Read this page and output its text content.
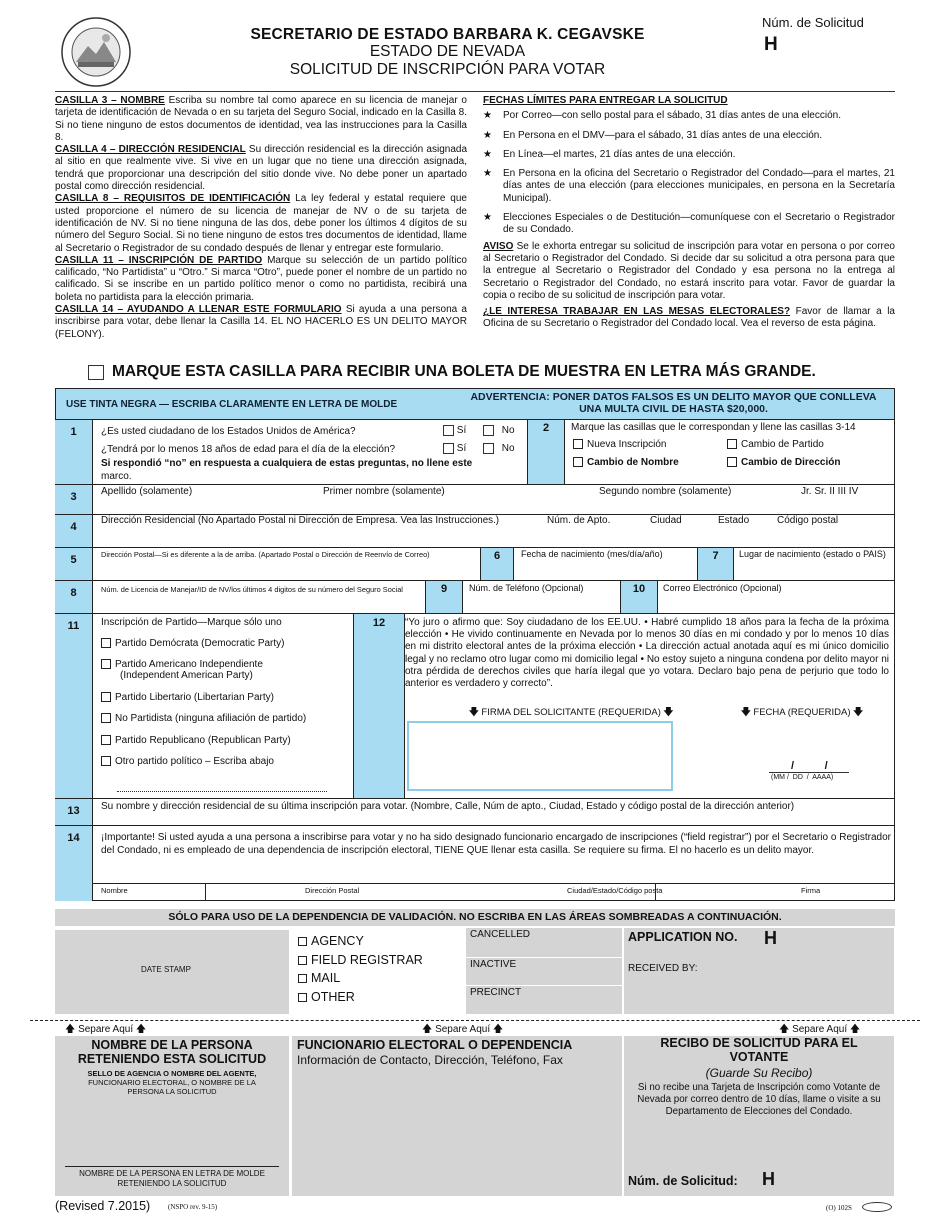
SECRETARIO DE ESTADO BARBARA K. CEGAVSKE
ESTADO DE NEVADA
SOLICITUD DE INSCRIPCIÓN PARA VOTAR
Núm. de Solicitud
H

CASILLA 3 – NOMBRE Escriba su nombre tal como aparece en su licencia de manejar o tarjeta de identificación de Nevada o en su tarjeta del Seguro Social, indicado en la Casilla 8. Si no tiene ninguno de estos documentos de identidad, vea las instrucciones para la Casilla 8.

CASILLA 4 – DIRECCIÓN RESIDENCIAL Su dirección residencial es la dirección asignada al sitio en que realmente vive. Si vive en un lugar que no tiene una dirección asignada, tendrá que proporcionar una descripción del sitio donde vive. No debe poner un apartado postal como dirección residencial.

CASILLA 8 – REQUISITOS DE IDENTIFICACIÓN La ley federal y estatal requiere que usted proporcione el número de su licencia de manejar de NV o de su tarjeta de identificación de NV. Si no tiene ninguna de las dos, debe poner los últimos 4 dígitos de su número del Seguro Social. Si no tiene ninguno de estos tres documentos de identidad, llame al Secretario o Registrador de su condado después de llenar y entregar este formulario.

CASILLA 11 – INSCRIPCIÓN DE PARTIDO Marque su selección de un partido político calificado, “No Partidista” u “Otro.” Si marca “Otro”, puede poner el nombre de un partido no calificado. Si se inscribe en un partido político menor o como no partidista, recibirá una boleta no partidista para la elección primaria.

CASILLA 14 – AYUDANDO A LLENAR ESTE FORMULARIO Si ayuda a una persona a inscribirse para votar, debe llenar la Casilla 14. EL NO HACERLO ES UN DELITO MAYOR (FELONY).

FECHAS LÍMITES PARA ENTREGAR LA SOLICITUD

★	Por Correo—con sello postal para el sábado, 31 días antes de una elección.
★	En Persona en el DMV—para el sábado, 31 días antes de una elección.
★	En Línea—el martes, 21 días antes de una elección.
★	En Persona en la oficina del Secretario o Registrador del Condado—para el martes, 21 días antes de una elección (para elecciones municipales, en persona en la Secretaría Municipal).
★	Elecciones Especiales o de Destitución—comuníquese con el Secretario o Registrador de su Condado.

AVISO Se le exhorta entregar su solicitud de inscripción para votar en persona o por correo al Secretario o Registrador del Condado. Si decide dar su solicitud a otra persona para que la entregue al Secretario o Registrador del Condado y esa persona no la entrega al Secretario o Registrador del Condado, no estará inscrito para votar. Favor de guardar la copia o recibo de su solicitud de inscripción para votar.

¿LE INTERESA TRABAJAR EN LAS MESAS ELECTORALES? Favor de llamar a la Oficina de su Secretario o Registrador del Condado local. Vea el reverso de esta página.

MARQUE ESTA CASILLA PARA RECIBIR UNA BOLETA DE MUESTRA EN LETRA MÁS GRANDE.
USE TINTA NEGRA — ESCRIBA CLARAMENTE EN LETRA DE MOLDE
ADVERTENCIA: PONER DATOS FALSOS ES UN DELITO MAYOR QUE CONLLEVA UNA MULTA CIVIL DE HASTA $20,000.
1	¿Es usted ciudadano de los Estados Unidos de América?	Sí	No
¿Tendrá por lo menos 18 años de edad para el día de la elección?	Sí	No
Si respondió “no” en respuesta a cualquiera de estas preguntas, no llene este
marco.
2	Marque las casillas que le correspondan y llene las casillas 3-14
Nueva Inscripción	Cambio de Partido
Cambio de Nombre	Cambio de Dirección
3	Apellido (solamente)	Primer nombre (solamente)	Segundo nombre (solamente)	Jr. Sr. II III IV
4
Dirección Residencial (No Apartado Postal ni Dirección de Empresa. Vea las Instrucciones.)	Núm. de Apto.	Ciudad	Estado	Código postal
5	Dirección Postal—Si es diferente a la de arriba. (Apartado Postal o Dirección de Reenvío de Correo)	6	Fecha de nacimiento (mes/día/año)	7	Lugar de nacimiento (estado o PAIS)
8	Núm. de Licencia de Manejar/ID de NV/los últimos 4 digitos de su número del Seguro Social	9	Núm. de Teléfono (Opcional)	10	Correo Electrónico (Opcional)
11	Inscripción de Partido—Marque sólo uno
Partido Demócrata (Democratic Party)
Partido Americano Independiente
(Independent American Party)
Partido Libertario (Libertarian Party)
No Partidista (ninguna afiliación de partido)
Partido Republicano (Republican Party)
Otro partido político – Escriba abajo
12	“Yo juro o afirmo que: Soy ciudadano de los EE.UU. • Habré cumplido 18 años para la fecha de la próxima elección • He vivido continuamente en Nevada por lo menos 30 días en mi condado y por lo menos 10 días en mi distrito electoral antes de la próxima elección • La dirección actual anotada aquí es mi único domicilio legal y no reclamo otro lugar como mi domicilio legal • No estoy sujeto a ninguna condena por delito mayor ni otra pérdida de derechos civiles que haría ilegal que yo votara. Declaro bajo pena de perjurio que todo lo anterior es verdadero y correcto”.
🡇 FIRMA DEL SOLICITANTE (REQUERIDA) 🡇	🡇 FECHA (REQUERIDA) 🡇
/          /
(MM /  DD  /  AAAA)
13	Su nombre y dirección residencial de su última inscripción para votar. (Nombre, Calle, Núm de apto., Ciudad, Estado y código postal de la dirección anterior)
14	¡Importante! Si usted ayuda a una persona a inscribirse para votar y no ha sido designado funcionario encargado de inscripciones (“field registrar”) por el Secretario o Registrador del Condado, ni es empleado de una dependencia de inscripción electoral, TIENE QUE llenar esta casilla. Se requiere su firma. El no hacerlo es un delito mayor.
Nombre	Dirección Postal	Ciudad/Estado/Código posta	Firma
SÓLO PARA USO DE LA DEPENDENCIA DE VALIDACIÓN. NO ESCRIBA EN LAS ÁREAS SOMBREADAS A CONTINUACIÓN.
DATE STAMP
AGENCY
FIELD REGISTRAR
MAIL
OTHER
CANCELLED
INACTIVE
PRECINCT
APPLICATION NO. H
RECEIVED BY:
🡅 Separe Aquí 🡅	🡅 Separe Aquí 🡅	🡅 Separe Aquí 🡅
NOMBRE DE LA PERSONA RETENIENDO ESTA SOLICITUD
SELLO DE AGENCIA O NOMBRE DEL AGENTE,
FUNCIONARIO ELECTORAL, O NOMBRE DE LA PERSONA LA SOLICITUD
NOMBRE DE LA PERSONA EN LETRA DE MOLDE RETENIENDO LA SOLICITUD
FUNCIONARIO ELECTORAL O DEPENDENCIA
Información de Contacto, Dirección, Teléfono, Fax
RECIBO DE SOLICITUD PARA EL VOTANTE
(Guarde Su Recibo)
Si no recibe una Tarjeta de Inscripción como Votante de Nevada por correo dentro de 10 días, llame o visite a su Departamento de Elecciones del Condado.
Núm. de Solicitud: H
(Revised 7.2015)	(NSPO rev. 9-15)	(O) 102S
